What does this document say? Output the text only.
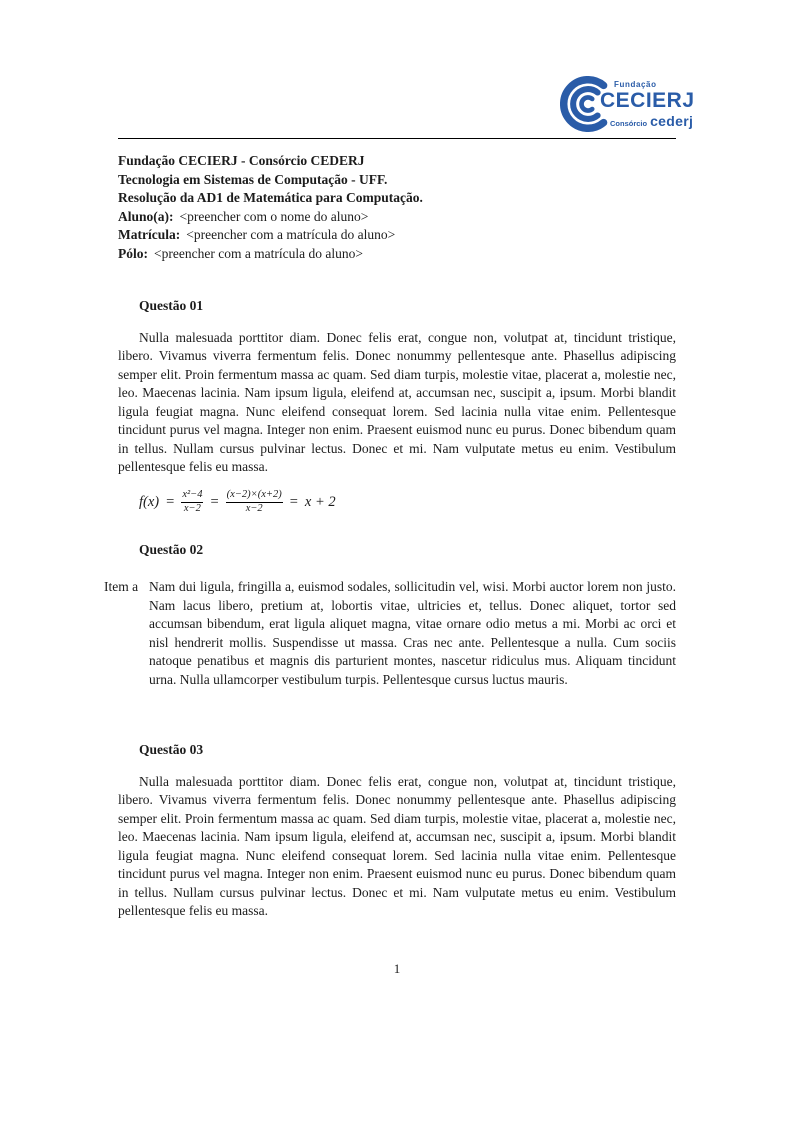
Fundação
CECIERJ
Consórcio cederj
Fundação CECIERJ - Consórcio CEDERJ
Tecnologia em Sistemas de Computação - UFF.
Resolução da AD1 de Matemática para Computação.
Aluno(a): <preencher com o nome do aluno>
Matrícula: <preencher com a matrícula do aluno>
Pólo: <preencher com a matrícula do aluno>
Questão 01

Nulla malesuada porttitor diam. Donec felis erat, congue non, volutpat at, tincidunt tristique, libero. Vivamus viverra fermentum felis. Donec nonummy pellentesque ante. Phasellus adipiscing semper elit. Proin fermentum massa ac quam. Sed diam turpis, molestie vitae, placerat a, molestie nec, leo. Maecenas lacinia. Nam ipsum ligula, eleifend at, accumsan nec, suscipit a, ipsum. Morbi blandit ligula feugiat magna. Nunc eleifend consequat lorem. Sed lacinia nulla vitae enim. Pellentesque tincidunt purus vel magna. Integer non enim. Praesent euismod nunc eu purus. Donec bibendum quam in tellus. Nullam cursus pulvinar lectus. Donec et mi. Nam vulputate metus eu enim. Vestibulum pellentesque felis eu massa.

$f(x) = \frac{\text{x²−4}}{x-2} = \frac{(x-2)\times(x+2)}{x-2} = x + 2$
Questão 02
Item a Nam dui ligula, fringilla a, euismod sodales, sollicitudin vel, wisi. Morbi auctor lorem non justo. Nam lacus libero, pretium at, lobortis vitae, ultricies et, tellus. Donec aliquet, tortor sed accumsan bibendum, erat ligula aliquet magna, vitae ornare odio metus a mi. Morbi ac orci et nisl hendrerit mollis. Suspendisse ut massa. Cras nec ante. Pellentesque a nulla. Cum sociis natoque penatibus et magnis dis parturient montes, nascetur ridiculus mus. Aliquam tincidunt urna. Nulla ullamcorper vestibulum turpis. Pellentesque cursus luctus mauris.

Questão 03

Nulla malesuada porttitor diam. Donec felis erat, congue non, volutpat at, tincidunt tristique, libero. Vivamus viverra fermentum felis. Donec nonummy pellentesque ante. Phasellus adipiscing semper elit. Proin fermentum massa ac quam. Sed diam turpis, molestie vitae, placerat a, molestie nec, leo. Maecenas lacinia. Nam ipsum ligula, eleifend at, accumsan nec, suscipit a, ipsum. Morbi blandit ligula feugiat magna. Nunc eleifend consequat lorem. Sed lacinia nulla vitae enim. Pellentesque tincidunt purus vel magna. Integer non enim. Praesent euismod nunc eu purus. Donec bibendum quam in tellus. Nullam cursus pulvinar lectus. Donec et mi. Nam vulputate metus eu enim. Vestibulum pellentesque felis eu massa.

1
